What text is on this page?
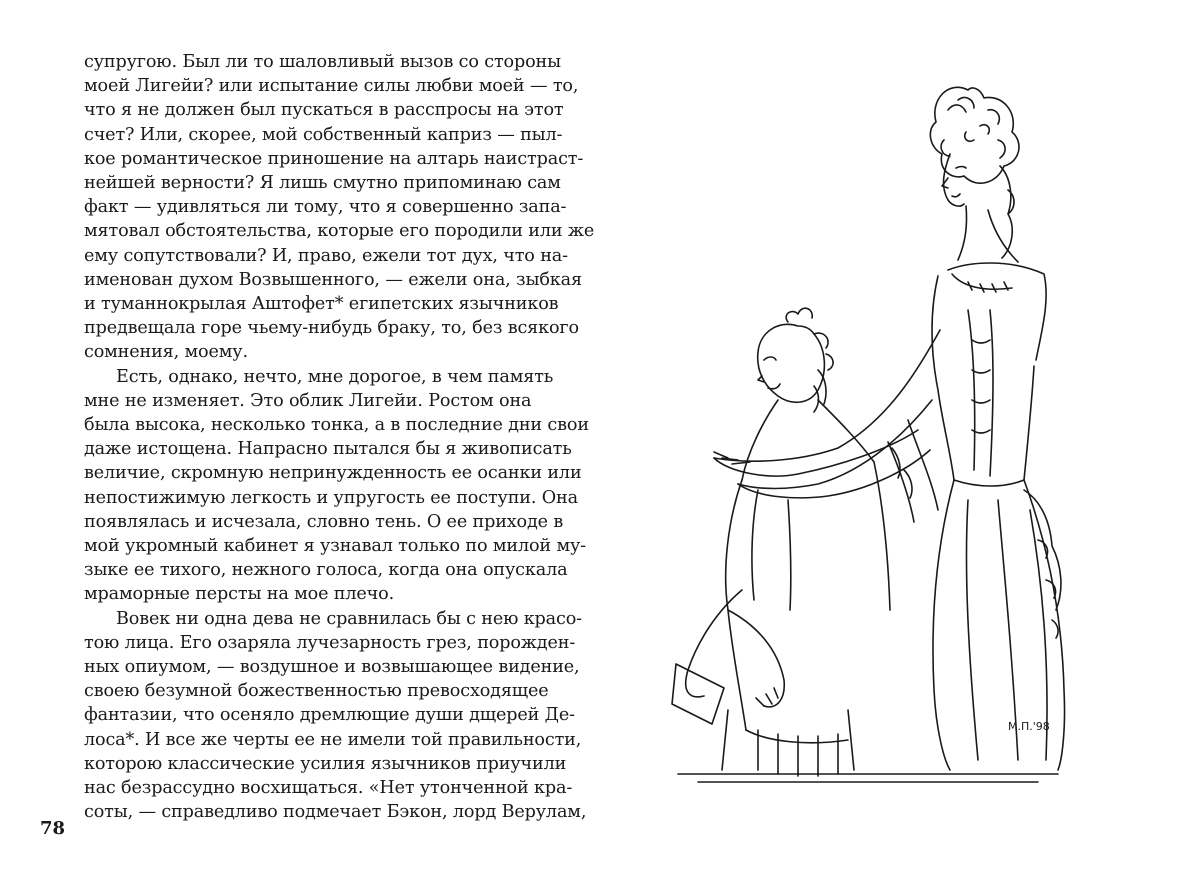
супругою. Был ли то шаловливый вызов со стороны
моей Лигейи? или испытание силы любви моей — то,
что я не должен был пускаться в расспросы на этот
счет? Или, скорее, мой собственный каприз — пыл-
кое романтическое приношение на алтарь наистраст-
нейшей верности? Я лишь смутно припоминаю сам
факт — удивляться ли тому, что я совершенно запа-
мятовал обстоятельства, которые его породили или же
ему сопутствовали? И, право, ежели тот дух, что на-
именован духом Возвышенного, — ежели она, зыбкая
и туманнокрылая Аштофет* египетских язычников
предвещала горе чьему-нибудь браку, то, без всякого
сомнения, моему.
Есть, однако, нечто, мне дорогое, в чем память
мне не изменяет. Это облик Лигейи. Ростом она
была высока, несколько тонка, а в последние дни свои
даже истощена. Напрасно пытался бы я живописать
величие, скромную непринужденность ее осанки или
непостижимую легкость и упругость ее поступи. Она
появлялась и исчезала, словно тень. О ее приходе в
мой укромный кабинет я узнавал только по милой му-
зыке ее тихого, нежного голоса, когда она опускала
мраморные персты на мое плечо.
Вовек ни одна дева не сравнилась бы с нею красо-
тою лица. Его озаряла лучезарность грез, порожден-
ных опиумом, — воздушное и возвышающее видение,
своею безумной божественностью превосходящее
фантазии, что осеняло дремлющие души дщерей Де-
лоса*. И все же черты ее не имели той правильности,
которою классические усилия язычников приучили
нас безрассудно восхищаться. «Нет утонченной кра-
соты, — справедливо подмечает Бэкон, лорд Верулам,
78
М.П.'98
